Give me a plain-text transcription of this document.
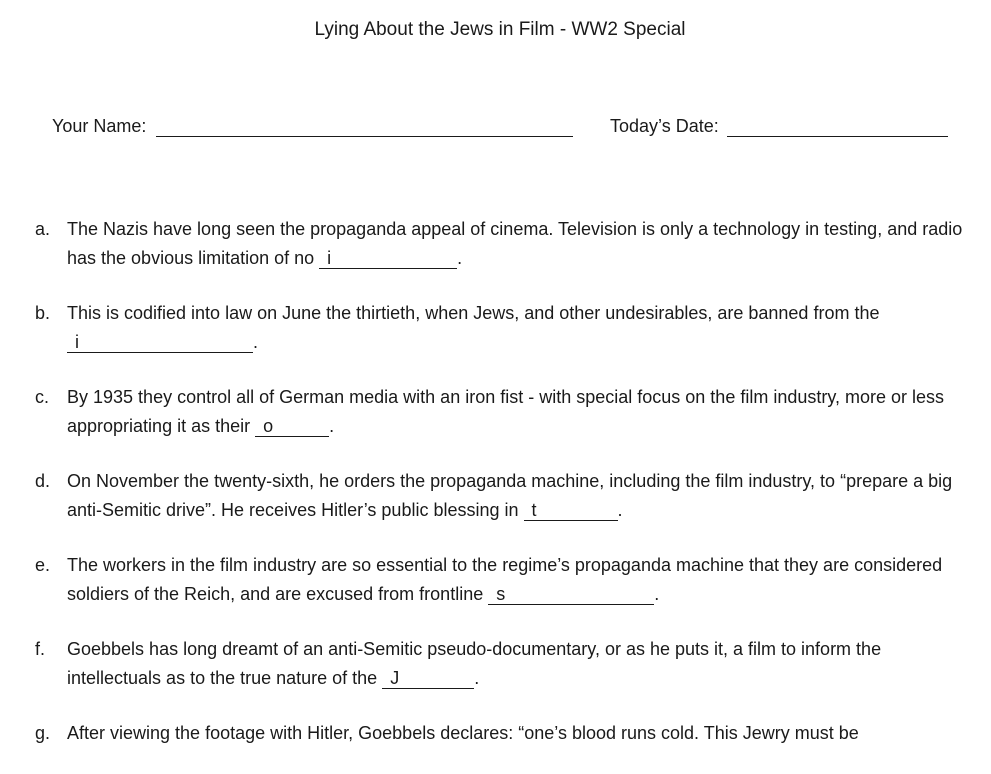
Lying About the Jews in Film - WW2 Special
Your Name:	Today’s Date:
a. The Nazis have long seen the propaganda appeal of cinema. Television is only a technology in testing, and radio has the obvious limitation of no i	.
b. This is codified into law on June the thirtieth, when Jews, and other undesirables, are banned from the i	.
c. By 1935 they control all of German media with an iron fist - with special focus on the film industry, more or less appropriating it as their o	.
d. On November the twenty-sixth, he orders the propaganda machine, including the film industry, to “prepare a big anti-Semitic drive”. He receives Hitler’s public blessing in t	.
e. The workers in the film industry are so essential to the regime’s propaganda machine that they are considered soldiers of the Reich, and are excused from frontline s	.
f. Goebbels has long dreamt of an anti-Semitic pseudo-documentary, or as he puts it, a film to inform the intellectuals as to the true nature of the J	.
g. After viewing the footage with Hitler, Goebbels declares: “one’s blood runs cold. This Jewry must be
